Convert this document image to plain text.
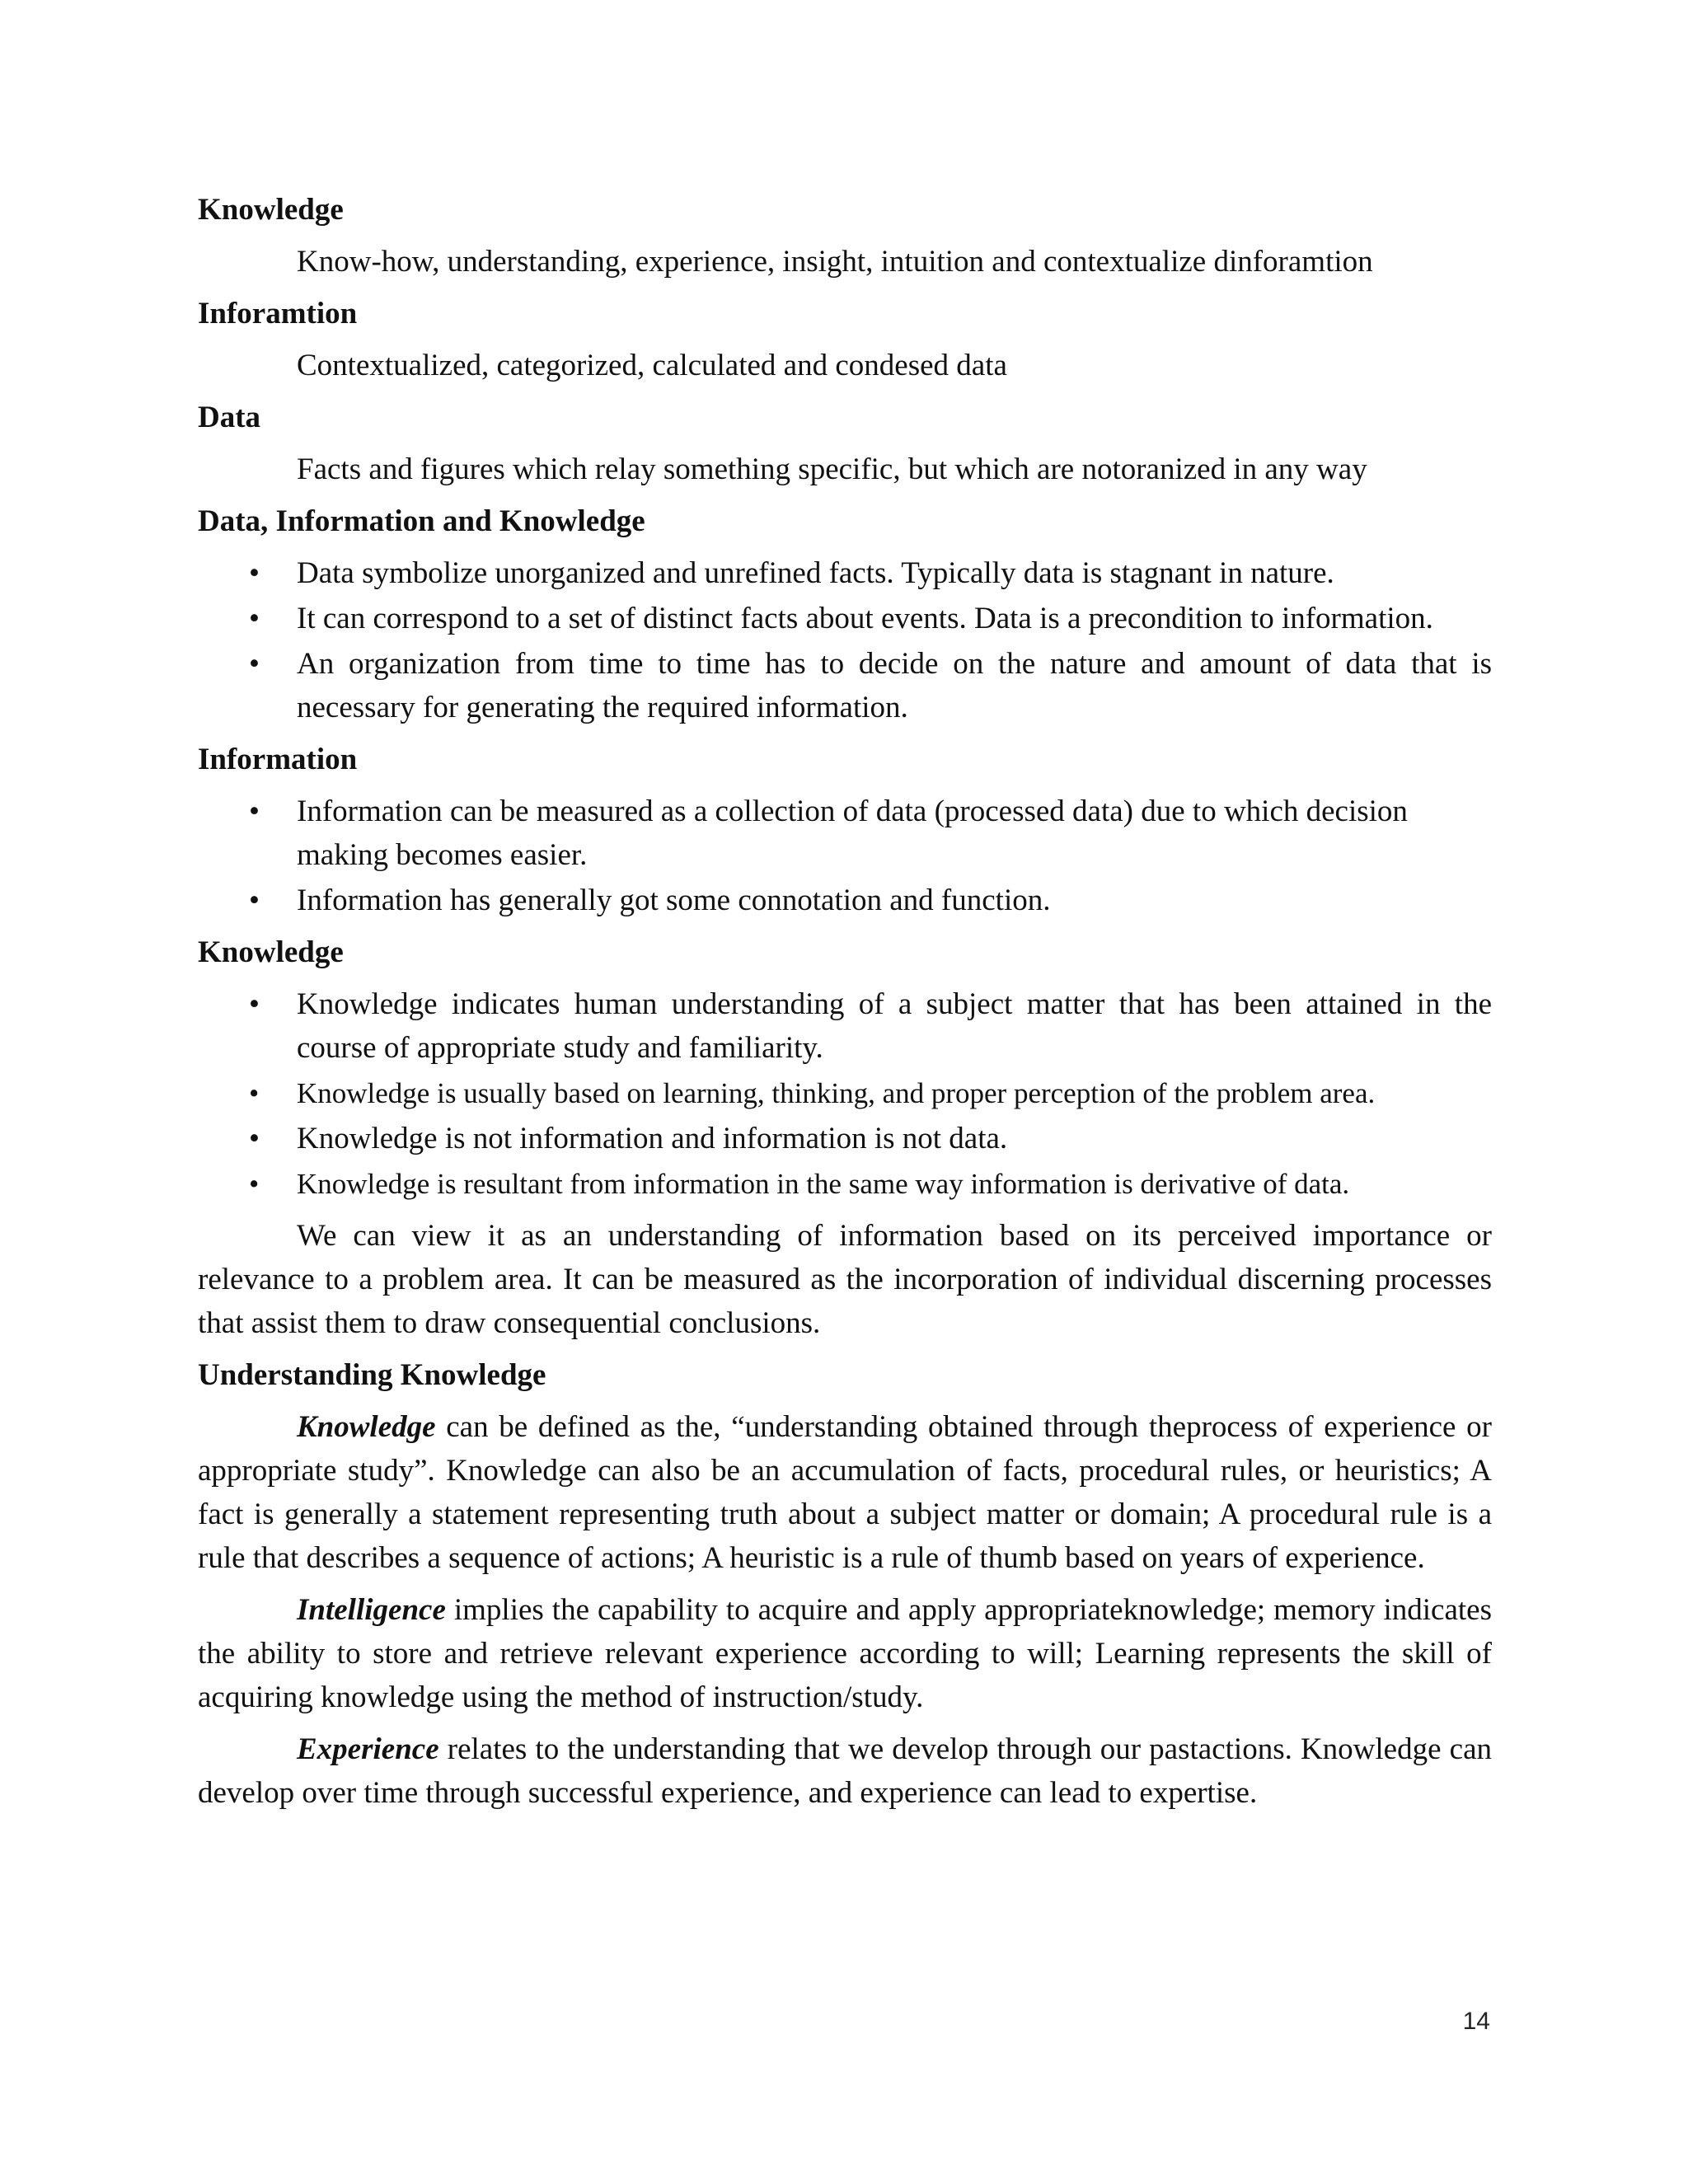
Knowledge
Know-how, understanding, experience, insight, intuition and contextualize dinforamtion
Inforamtion
Contextualized, categorized, calculated and condesed data
Data
Facts and figures which relay something specific, but which are notoranized in any way
Data, Information and Knowledge
• Data symbolize unorganized and unrefined facts. Typically data is stagnant in nature.
• It can correspond to a set of distinct facts about events. Data is a precondition to information.
• An organization from time to time has to decide on the nature and amount of data that is necessary for generating the required information.
Information
• Information can be measured as a collection of data (processed data) due to which decision making becomes easier.
• Information has generally got some connotation and function.
Knowledge
• Knowledge indicates human understanding of a subject matter that has been attained in the course of appropriate study and familiarity.
• Knowledge is usually based on learning, thinking, and proper perception of the problem area.
• Knowledge is not information and information is not data.
• Knowledge is resultant from information in the same way information is derivative of data.

We can view it as an understanding of information based on its perceived importance or relevance to a problem area. It can be measured as the incorporation of individual discerning processes that assist them to draw consequential conclusions.

Understanding Knowledge

Knowledge can be defined as the, “understanding obtained through theprocess of experience or appropriate study”. Knowledge can also be an accumulation of facts, procedural rules, or heuristics; A fact is generally a statement representing truth about a subject matter or domain; A procedural rule is a rule that describes a sequence of actions; A heuristic is a rule of thumb based on years of experience.

Intelligence implies the capability to acquire and apply appropriateknowledge; memory indicates the ability to store and retrieve relevant experience according to will; Learning represents the skill of acquiring knowledge using the method of instruction/study.

Experience relates to the understanding that we develop through our pastactions. Knowledge can develop over time through successful experience, and experience can lead to expertise.

14
